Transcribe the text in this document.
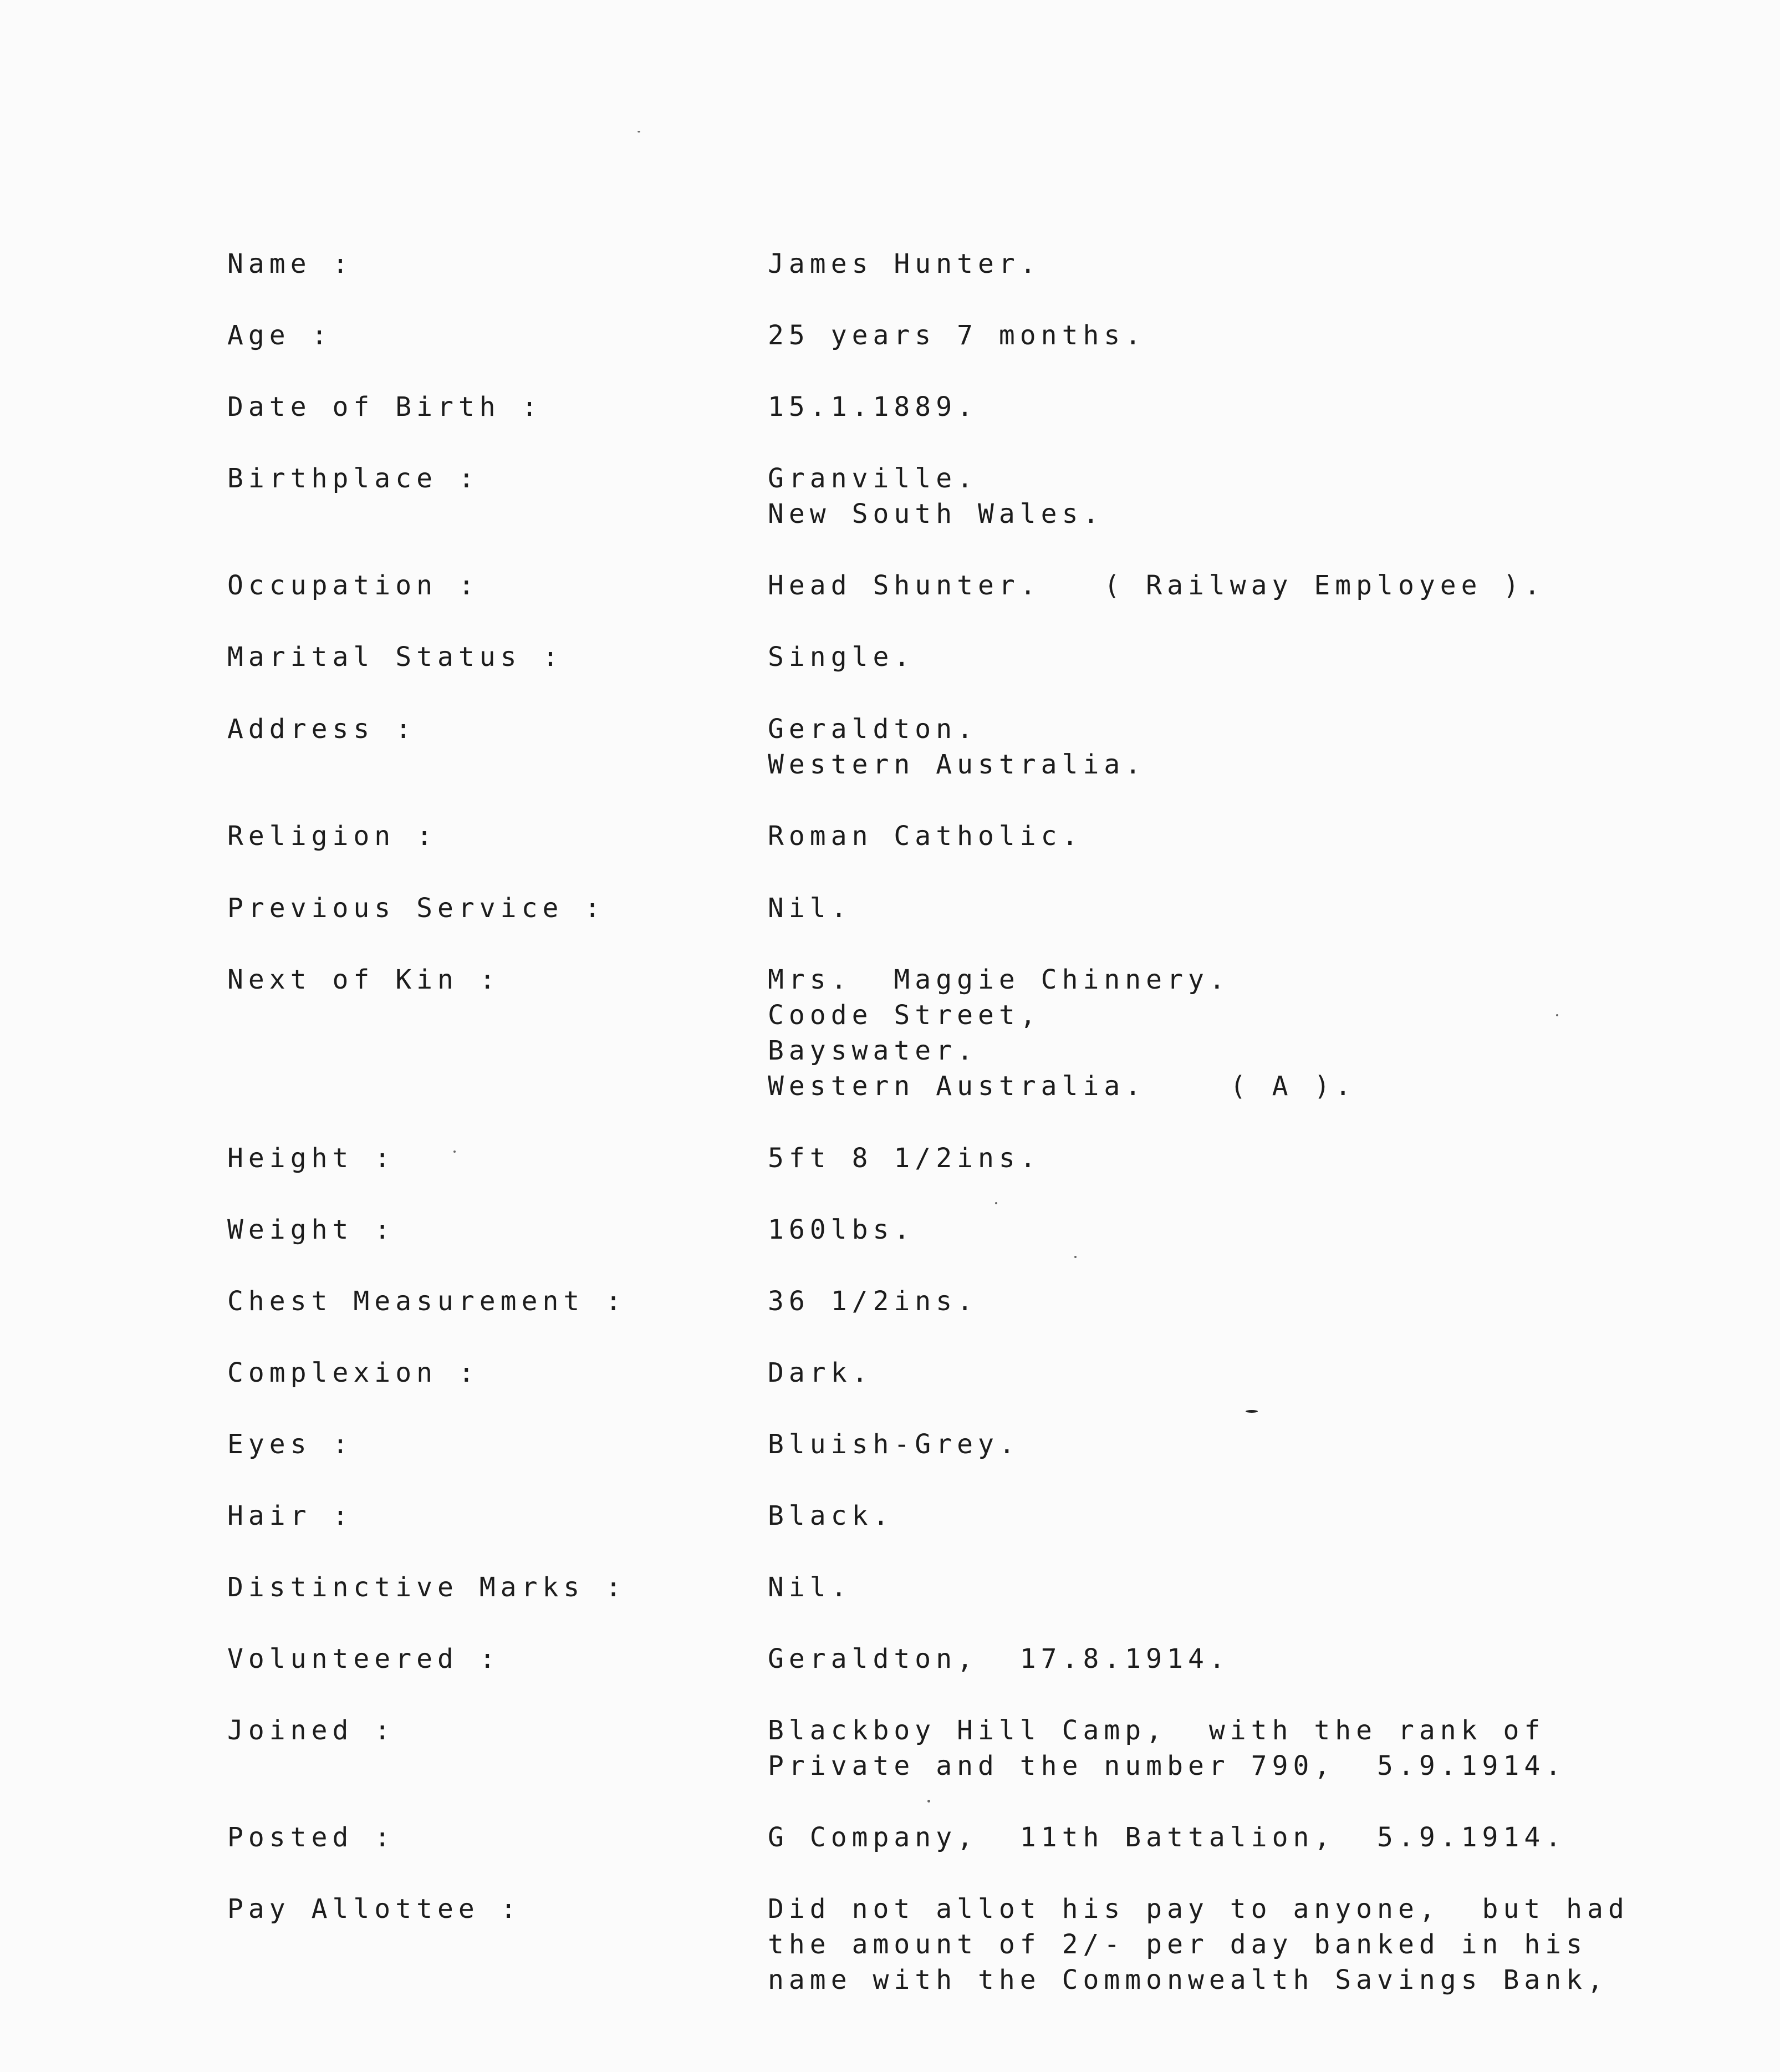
Name :	James Hunter.
Age :	25 years 7 months.
Date of Birth :	15.1.1889.
Birthplace :	Granville.
New South Wales.
Occupation :	Head Shunter.   ( Railway Employee ).
Marital Status :	Single.
Address :	Geraldton.
Western Australia.
Religion :	Roman Catholic.
Previous Service :	Nil.
Next of Kin :	Mrs.  Maggie Chinnery.
Coode Street,
Bayswater.
Western Australia.    ( A ).
Height :	5ft 8 1/2ins.
Weight :	160lbs.
Chest Measurement :	36 1/2ins.
Complexion :	Dark.
Eyes :	Bluish-Grey.
Hair :	Black.
Distinctive Marks :	Nil.
Volunteered :	Geraldton,  17.8.1914.
Joined :	Blackboy Hill Camp,  with the rank of
Private and the number 790,  5.9.1914.
Posted :	G Company,  11th Battalion,  5.9.1914.
Pay Allottee :	Did not allot his pay to anyone,  but had
the amount of 2/- per day banked in his
name with the Commonwealth Savings Bank,
